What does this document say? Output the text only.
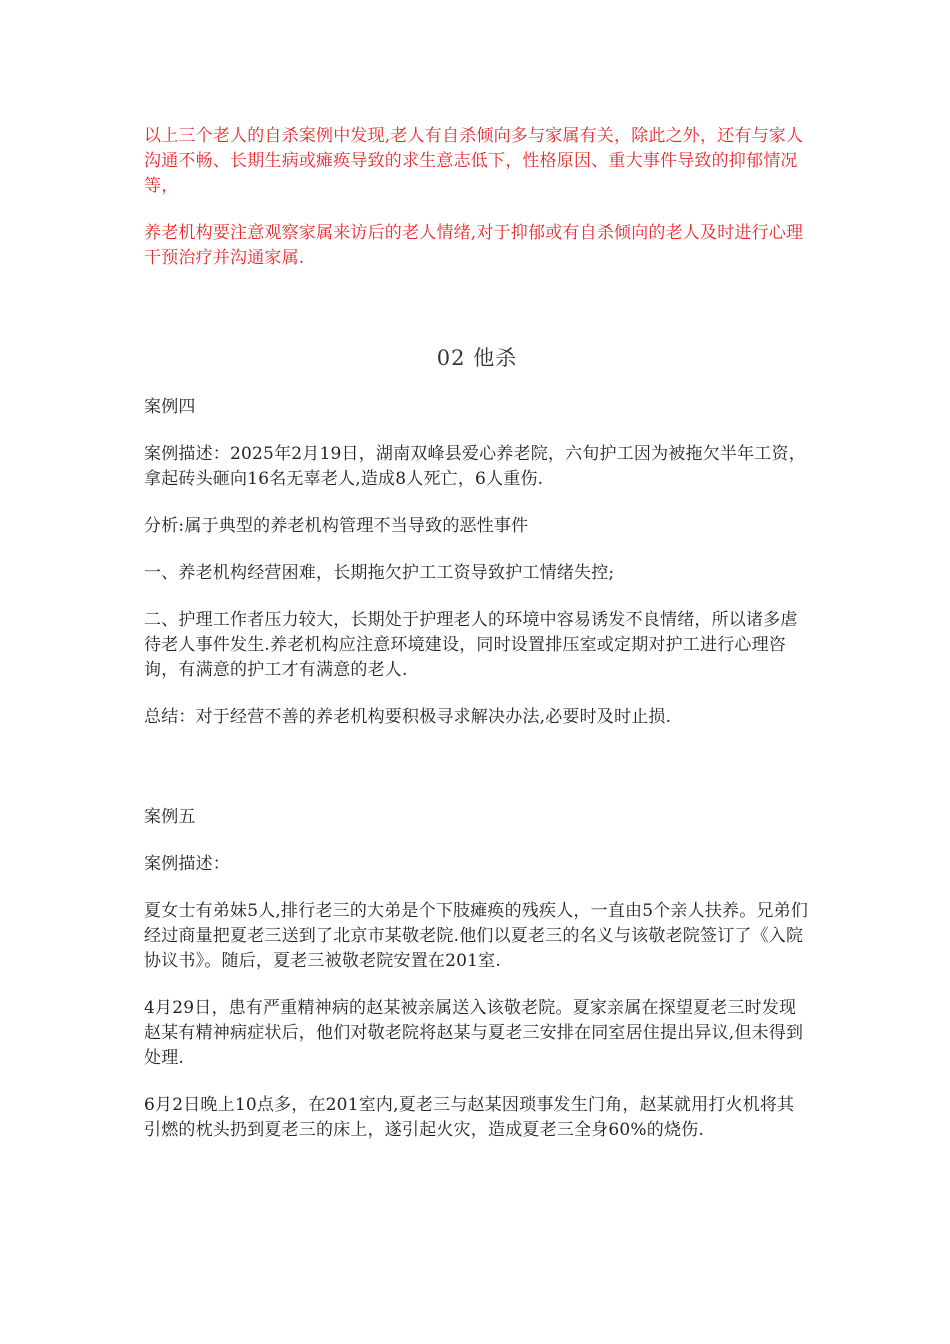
以上三个老人的自杀案例中发现,老人有自杀倾向多与家属有关，除此之外，还有与家人沟通不畅、长期生病或瘫痪导致的求生意志低下，性格原因、重大事件导致的抑郁情况等，

养老机构要注意观察家属来访后的老人情绪,对于抑郁或有自杀倾向的老人及时进行心理干预治疗并沟通家属.

02 他杀

案例四

案例描述：2025年2月19日，湖南双峰县爱心养老院，六旬护工因为被拖欠半年工资，拿起砖头砸向16名无辜老人,造成8人死亡，6人重伤.

分析:属于典型的养老机构管理不当导致的恶性事件

一、养老机构经营困难，长期拖欠护工工资导致护工情绪失控;

二、护理工作者压力较大，长期处于护理老人的环境中容易诱发不良情绪，所以诸多虐待老人事件发生.养老机构应注意环境建设，同时设置排压室或定期对护工进行心理咨询，有满意的护工才有满意的老人.

总结：对于经营不善的养老机构要积极寻求解决办法,必要时及时止损.

案例五

案例描述：

夏女士有弟妹5人,排行老三的大弟是个下肢瘫痪的残疾人，一直由5个亲人扶养。兄弟们经过商量把夏老三送到了北京市某敬老院.他们以夏老三的名义与该敬老院签订了《入院协议书》。随后，夏老三被敬老院安置在201室.

4月29日，患有严重精神病的赵某被亲属送入该敬老院。夏家亲属在探望夏老三时发现赵某有精神病症状后，他们对敬老院将赵某与夏老三安排在同室居住提出异议,但未得到处理.

6月2日晚上10点多，在201室内,夏老三与赵某因琐事发生门角，赵某就用打火机将其引燃的枕头扔到夏老三的床上，遂引起火灾，造成夏老三全身60%的烧伤.
